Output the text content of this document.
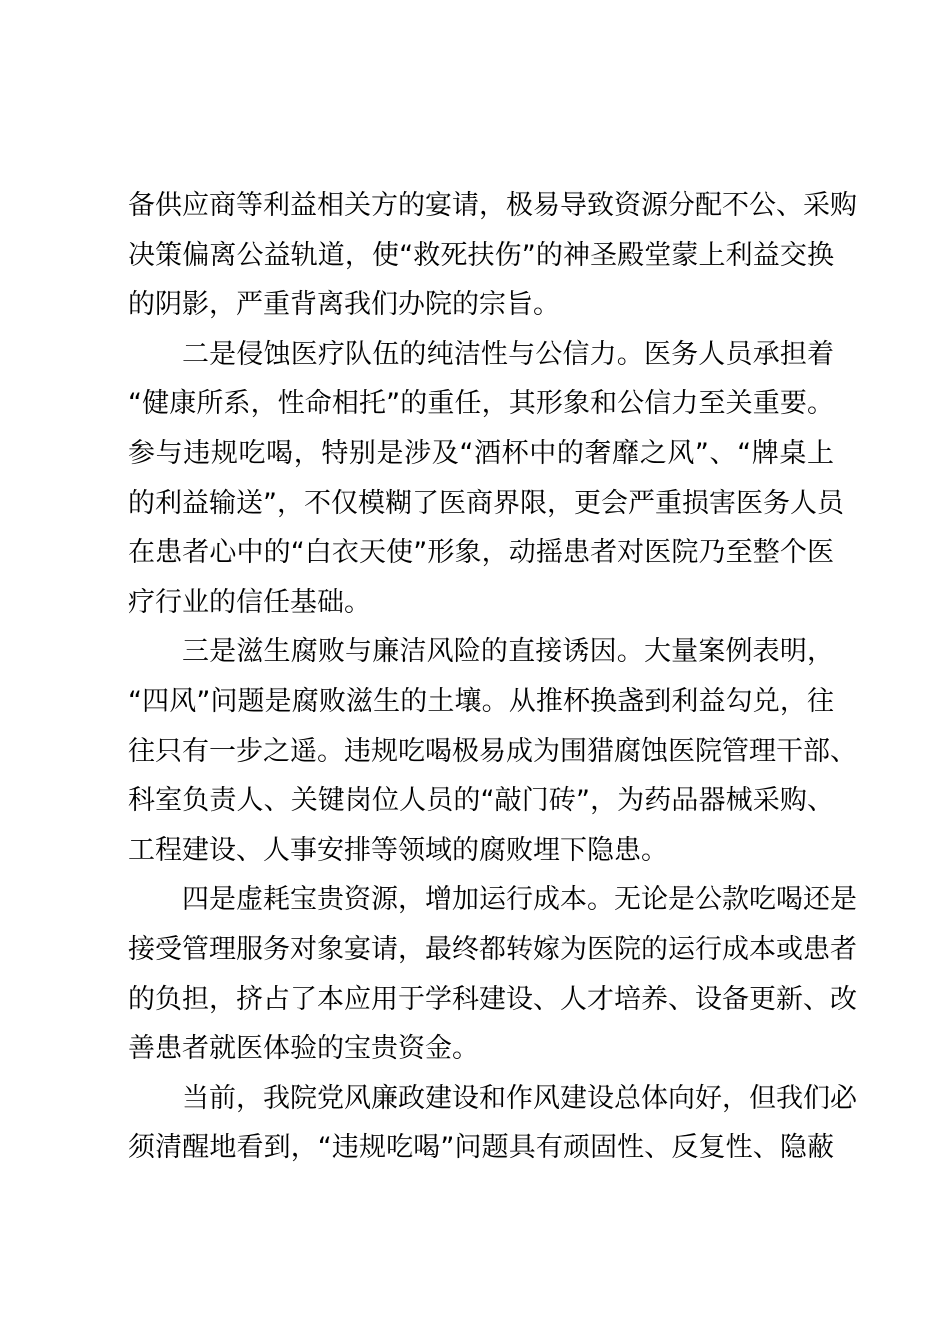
备供应商等利益相关方的宴请，极易导致资源分配不公、采购
决策偏离公益轨道，使“救死扶伤”的神圣殿堂蒙上利益交换
的阴影，严重背离我们办院的宗旨。
二是侵蚀医疗队伍的纯洁性与公信力。医务人员承担着
“健康所系，性命相托”的重任，其形象和公信力至关重要。
参与违规吃喝，特别是涉及“酒杯中的奢靡之风”、“牌桌上
的利益输送”，不仅模糊了医商界限，更会严重损害医务人员
在患者心中的“白衣天使”形象，动摇患者对医院乃至整个医
疗行业的信任基础。
三是滋生腐败与廉洁风险的直接诱因。大量案例表明，
“四风”问题是腐败滋生的土壤。从推杯换盏到利益勾兑，往
往只有一步之遥。违规吃喝极易成为围猎腐蚀医院管理干部、
科室负责人、关键岗位人员的“敲门砖”，为药品器械采购、
工程建设、人事安排等领域的腐败埋下隐患。
四是虚耗宝贵资源，增加运行成本。无论是公款吃喝还是
接受管理服务对象宴请，最终都转嫁为医院的运行成本或患者
的负担，挤占了本应用于学科建设、人才培养、设备更新、改
善患者就医体验的宝贵资金。
当前，我院党风廉政建设和作风建设总体向好，但我们必
须清醒地看到，“违规吃喝”问题具有顽固性、反复性、隐蔽
